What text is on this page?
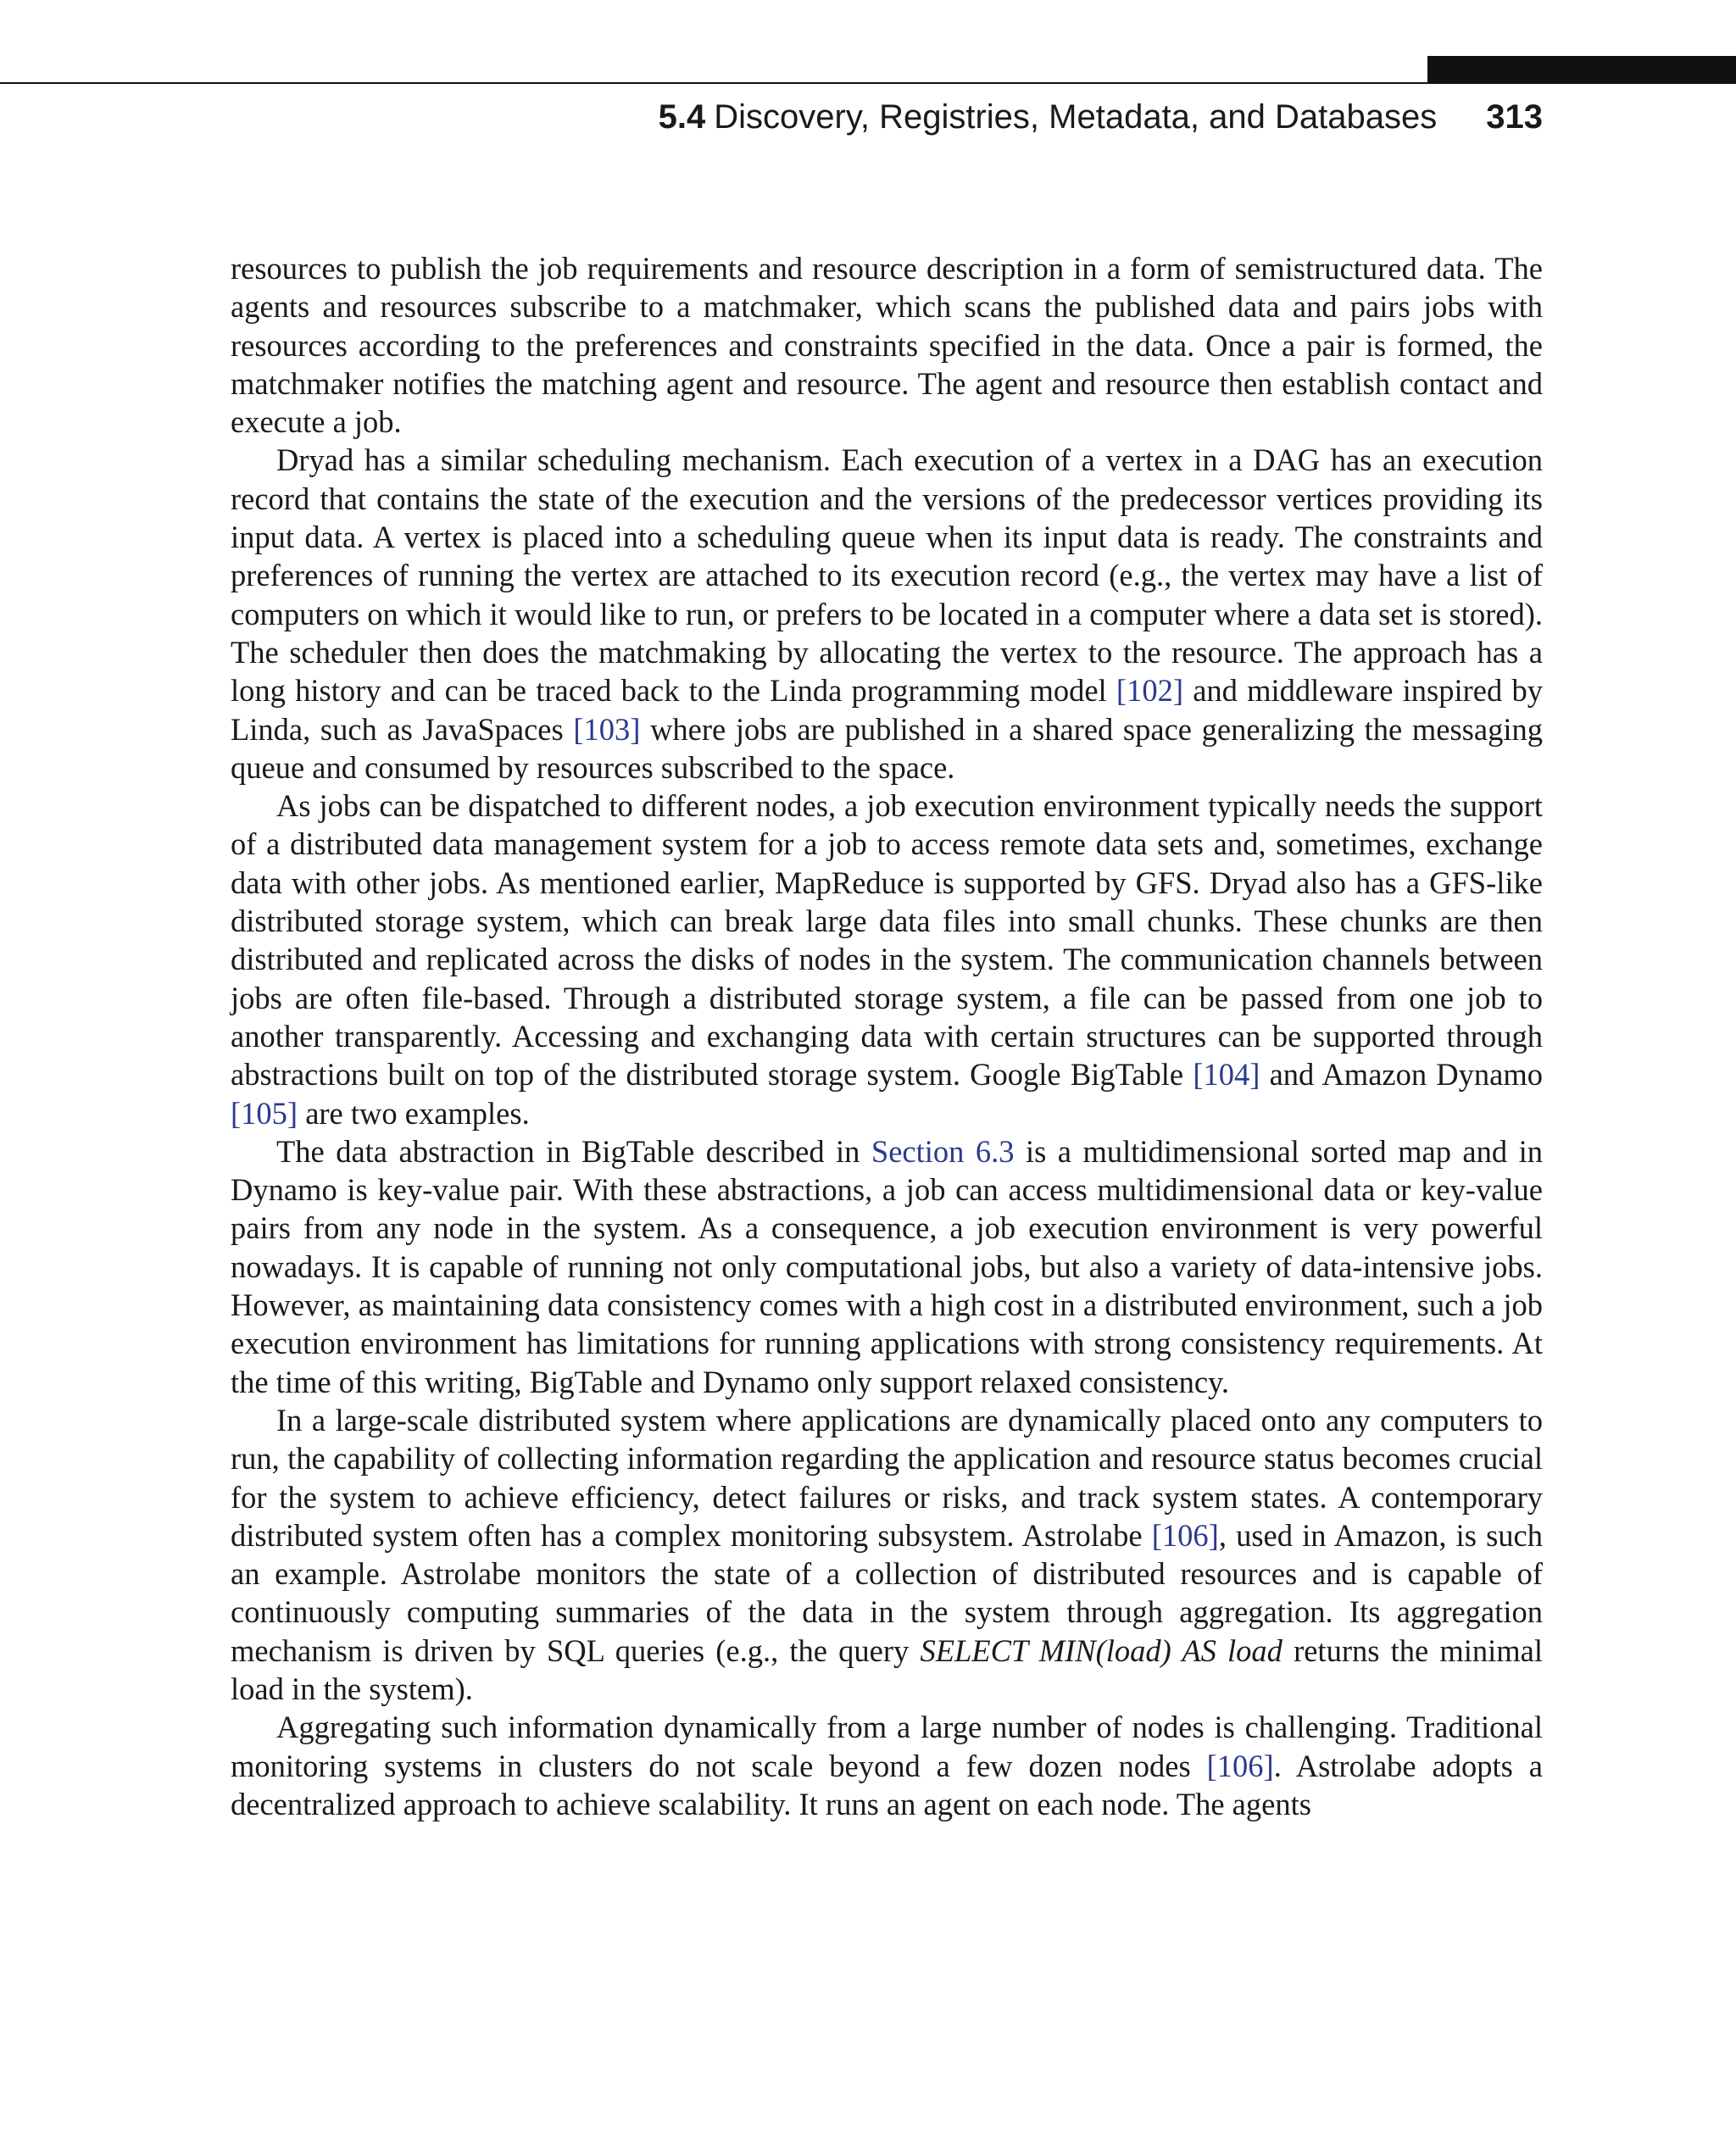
5.4 Discovery, Registries, Metadata, and Databases 313

resources to publish the job requirements and resource description in a form of semistructured data. The agents and resources subscribe to a matchmaker, which scans the published data and pairs jobs with resources according to the preferences and constraints specified in the data. Once a pair is formed, the matchmaker notifies the matching agent and resource. The agent and resource then establish contact and execute a job.

Dryad has a similar scheduling mechanism. Each execution of a vertex in a DAG has an execution record that contains the state of the execution and the versions of the predecessor vertices providing its input data. A vertex is placed into a scheduling queue when its input data is ready. The constraints and preferences of running the vertex are attached to its execution record (e.g., the vertex may have a list of computers on which it would like to run, or prefers to be located in a computer where a data set is stored). The scheduler then does the matchmaking by allocating the vertex to the resource. The approach has a long history and can be traced back to the Linda programming model [102] and middleware inspired by Linda, such as JavaSpaces [103] where jobs are published in a shared space generalizing the messaging queue and consumed by resources subscribed to the space.

As jobs can be dispatched to different nodes, a job execution environment typically needs the support of a distributed data management system for a job to access remote data sets and, sometimes, exchange data with other jobs. As mentioned earlier, MapReduce is supported by GFS. Dryad also has a GFS-like distributed storage system, which can break large data files into small chunks. These chunks are then distributed and replicated across the disks of nodes in the system. The communication channels between jobs are often file-based. Through a distributed storage system, a file can be passed from one job to another transparently. Accessing and exchanging data with certain structures can be supported through abstractions built on top of the distributed storage system. Google BigTable [104] and Amazon Dynamo [105] are two examples.

The data abstraction in BigTable described in Section 6.3 is a multidimensional sorted map and in Dynamo is key-value pair. With these abstractions, a job can access multidimensional data or key-value pairs from any node in the system. As a consequence, a job execution environment is very powerful nowadays. It is capable of running not only computational jobs, but also a variety of data-intensive jobs. However, as maintaining data consistency comes with a high cost in a distributed environment, such a job execution environment has limitations for running applications with strong consistency requirements. At the time of this writing, BigTable and Dynamo only support relaxed consistency.

In a large-scale distributed system where applications are dynamically placed onto any computers to run, the capability of collecting information regarding the application and resource status becomes crucial for the system to achieve efficiency, detect failures or risks, and track system states. A contemporary distributed system often has a complex monitoring subsystem. Astrolabe [106], used in Amazon, is such an example. Astrolabe monitors the state of a collection of distributed resources and is capable of continuously computing summaries of the data in the system through aggregation. Its aggregation mechanism is driven by SQL queries (e.g., the query SELECT MIN(load) AS load returns the minimal load in the system).

Aggregating such information dynamically from a large number of nodes is challenging. Traditional monitoring systems in clusters do not scale beyond a few dozen nodes [106]. Astrolabe adopts a decentralized approach to achieve scalability. It runs an agent on each node. The agents
